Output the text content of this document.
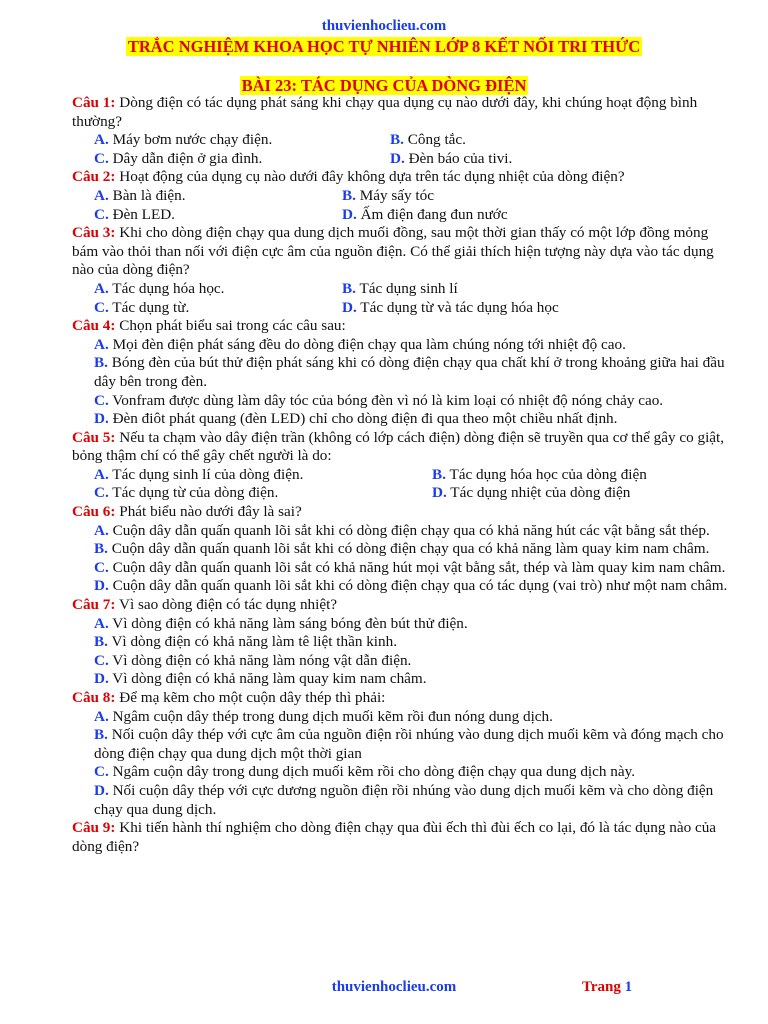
thuvienhoclieu.com
TRẮC NGHIỆM KHOA HỌC TỰ NHIÊN LỚP 8 KẾT NỐI TRI THỨC
BÀI 23: TÁC DỤNG CỦA DÒNG ĐIỆN
Câu 1: Dòng điện có tác dụng phát sáng khi chạy qua dụng cụ nào dưới đây, khi chúng hoạt động bình thường?
A. Máy bơm nước chạy điện.	B. Công tắc.
C. Dây dẫn điện ở gia đình.	D. Đèn báo của tivi.
Câu 2: Hoạt động của dụng cụ nào dưới đây không dựa trên tác dụng nhiệt của dòng điện?
A. Bàn là điện.	B. Máy sấy tóc
C. Đèn LED.	D. Ấm điện đang đun nước
Câu 3: Khi cho dòng điện chạy qua dung dịch muối đồng, sau một thời gian thấy có một lớp đồng mỏng bám vào thỏi than nối với điện cực âm của nguồn điện. Có thể giải thích hiện tượng này dựa vào tác dụng nào của dòng điện?
A. Tác dụng hóa học.	B. Tác dụng sinh lí
C. Tác dụng từ.	D. Tác dụng từ và tác dụng hóa học
Câu 4: Chọn phát biểu sai trong các câu sau:
A. Mọi đèn điện phát sáng đều do dòng điện chạy qua làm chúng nóng tới nhiệt độ cao.
B. Bóng đèn của bút thử điện phát sáng khi có dòng điện chạy qua chất khí ở trong khoảng giữa hai đầu dây bên trong đèn.
C. Vonfram được dùng làm dây tóc của bóng đèn vì nó là kim loại có nhiệt độ nóng chảy cao.
D. Đèn điôt phát quang (đèn LED) chỉ cho dòng điện đi qua theo một chiều nhất định.
Câu 5: Nếu ta chạm vào dây điện trần (không có lớp cách điện) dòng điện sẽ truyền qua cơ thể gây co giật, bỏng thậm chí có thể gây chết người là do:
A. Tác dụng sinh lí của dòng điện.	B. Tác dụng hóa học của dòng điện
C. Tác dụng từ của dòng điện.	D. Tác dụng nhiệt của dòng điện
Câu 6: Phát biểu nào dưới đây là sai?
A. Cuộn dây dẫn quấn quanh lõi sắt khi có dòng điện chạy qua có khả năng hút các vật bằng sắt thép.
B. Cuộn dây dẫn quấn quanh lõi sắt khi có dòng điện chạy qua có khả năng làm quay kim nam châm.
C. Cuộn dây dẫn quấn quanh lõi sắt có khả năng hút mọi vật bằng sắt, thép và làm quay kim nam châm.
D. Cuộn dây dẫn quấn quanh lõi sắt khi có dòng điện chạy qua có tác dụng (vai trò) như một nam châm.
Câu 7: Vì sao dòng điện có tác dụng nhiệt?
A. Vì dòng điện có khả năng làm sáng bóng đèn bút thử điện.
B. Vì dòng điện có khả năng làm tê liệt thần kinh.
C. Vì dòng điện có khả năng làm nóng vật dẫn điện.
D. Vì dòng điện có khả năng làm quay kim nam châm.
Câu 8: Để mạ kẽm cho một cuộn dây thép thì phải:
A. Ngâm cuộn dây thép trong dung dịch muối kẽm rồi đun nóng dung dịch.
B. Nối cuộn dây thép với cực âm của nguồn điện rồi nhúng vào dung dịch muối kẽm và đóng mạch cho dòng điện chạy qua dung dịch một thời gian
C. Ngâm cuộn dây trong dung dịch muối kẽm rồi cho dòng điện chạy qua dung dịch này.
D. Nối cuộn dây thép với cực dương nguồn điện rồi nhúng vào dung dịch muối kẽm và cho dòng điện chạy qua dung dịch.
Câu 9: Khi tiến hành thí nghiệm cho dòng điện chạy qua đùi ếch thì đùi ếch co lại, đó là tác dụng nào của dòng điện?
thuvienhoclieu.com	Trang 1
